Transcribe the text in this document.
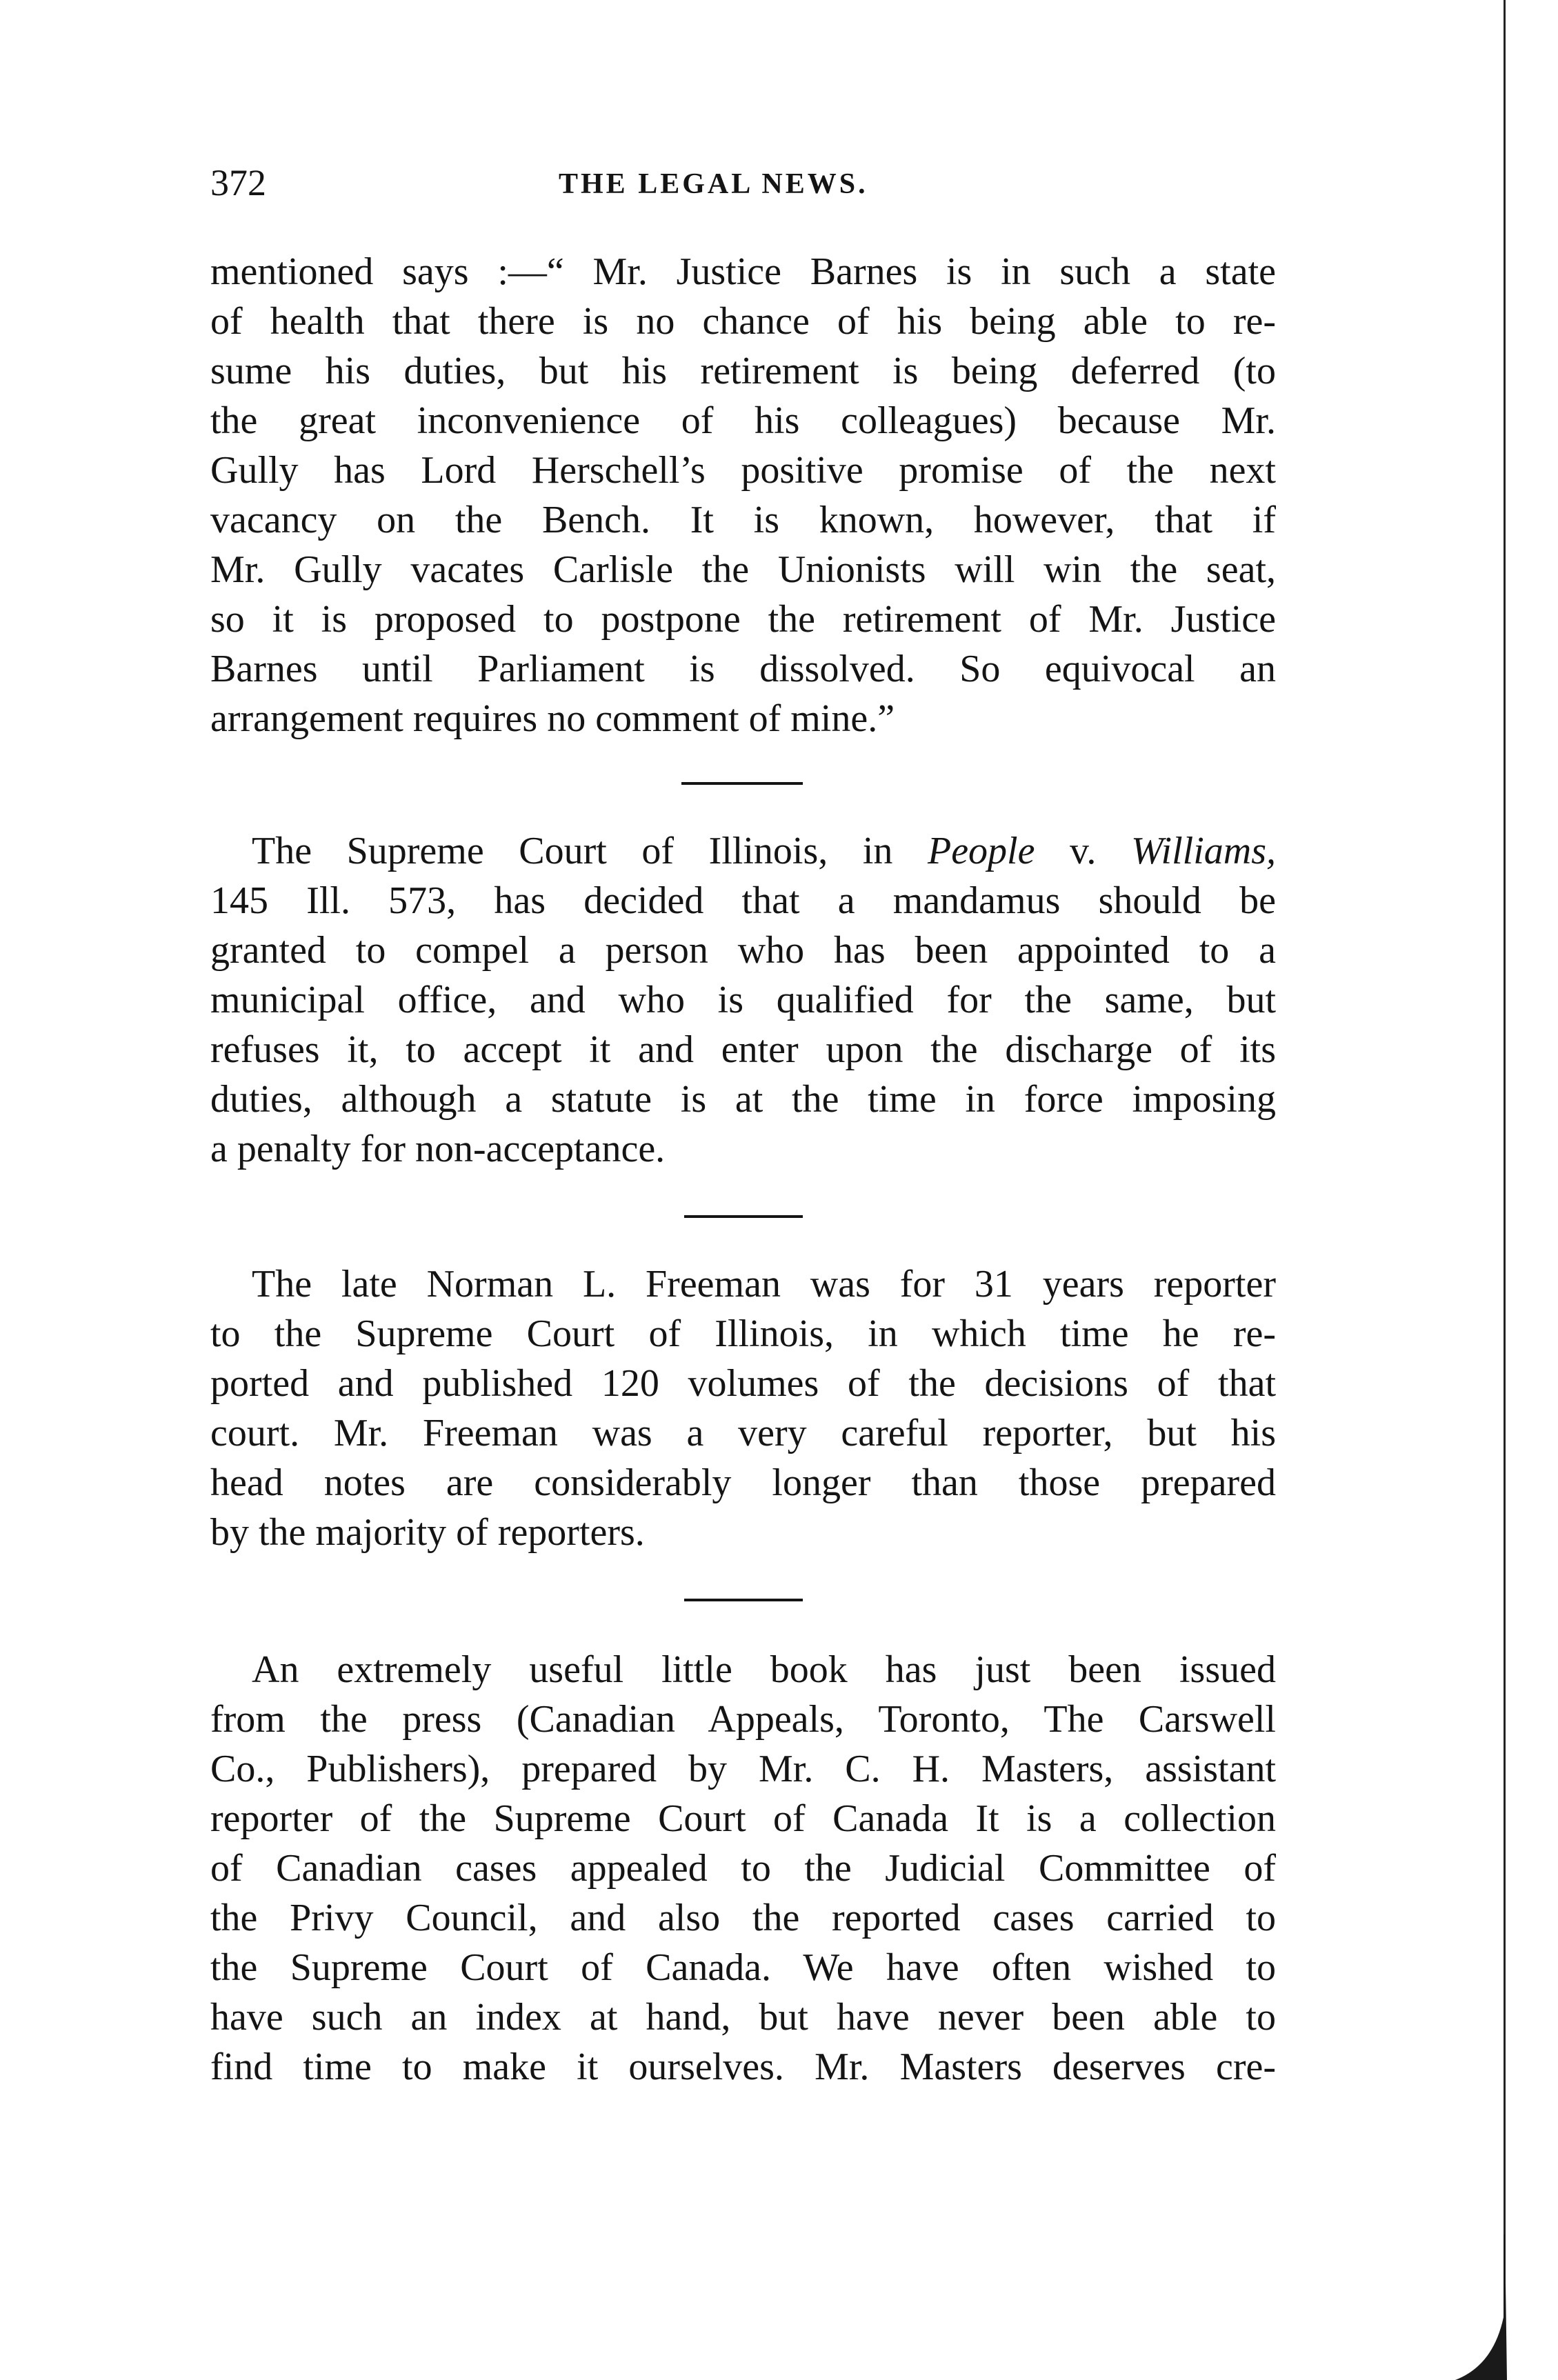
372	THE LEGAL NEWS.
mentioned says :—“ Mr. Justice Barnes is in such a state
of health that there is no chance of his being able to re-
sume his duties, but his retirement is being deferred (to
the great inconvenience of his colleagues) because Mr.
Gully has Lord Herschell’s positive promise of the next
vacancy on the Bench. It is known, however, that if
Mr. Gully vacates Carlisle the Unionists will win the seat,
so it is proposed to postpone the retirement of Mr. Justice
Barnes until Parliament is dissolved. So equivocal an
arrangement requires no comment of mine.”
The Supreme Court of Illinois, in People v. Williams,
145 Ill. 573, has decided that a mandamus should be
granted to compel a person who has been appointed to a
municipal office, and who is qualified for the same, but
refuses it, to accept it and enter upon the discharge of its
duties, although a statute is at the time in force imposing
a penalty for non-acceptance.
The late Norman L. Freeman was for 31 years reporter
to the Supreme Court of Illinois, in which time he re-
ported and published 120 volumes of the decisions of that
court. Mr. Freeman was a very careful reporter, but his
head notes are considerably longer than those prepared
by the majority of reporters.
An extremely useful little book has just been issued
from the press (Canadian Appeals, Toronto, The Carswell
Co., Publishers), prepared by Mr. C. H. Masters, assistant
reporter of the Supreme Court of Canada It is a collection
of Canadian cases appealed to the Judicial Committee of
the Privy Council, and also the reported cases carried to
the Supreme Court of Canada. We have often wished to
have such an index at hand, but have never been able to
find time to make it ourselves. Mr. Masters deserves cre-
